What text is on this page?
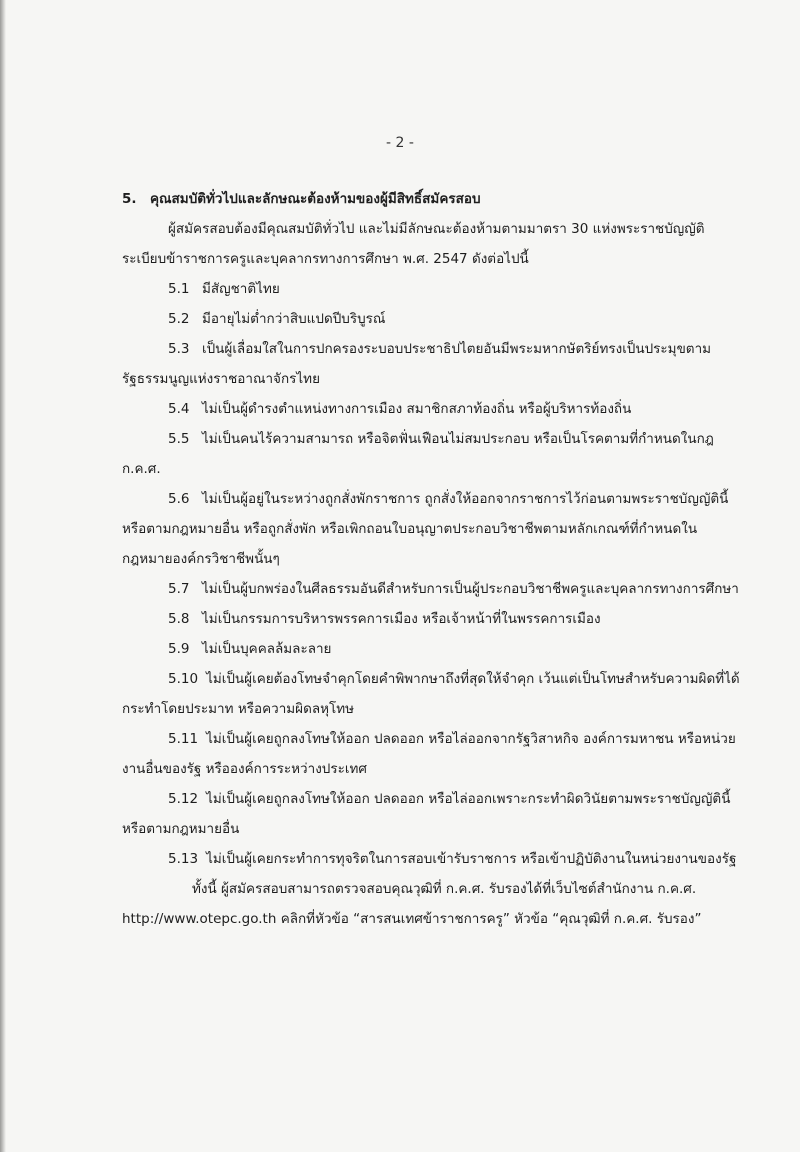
- 2 -

5. คุณสมบัติทั่วไปและลักษณะต้องห้ามของผู้มีสิทธิ์สมัครสอบ

ผู้สมัครสอบต้องมีคุณสมบัติทั่วไป และไม่มีลักษณะต้องห้ามตามมาตรา 30 แห่งพระราชบัญญัติระเบียบข้าราชการครูและบุคลากรทางการศึกษา พ.ศ. 2547 ดังต่อไปนี้

5.1 มีสัญชาติไทย

5.2 มีอายุไม่ต่ำกว่าสิบแปดปีบริบูรณ์

5.3 เป็นผู้เลื่อมใสในการปกครองระบอบประชาธิปไตยอันมีพระมหากษัตริย์ทรงเป็นประมุขตามรัฐธรรมนูญแห่งราชอาณาจักรไทย

5.4 ไม่เป็นผู้ดำรงตำแหน่งทางการเมือง สมาชิกสภาท้องถิ่น หรือผู้บริหารท้องถิ่น

5.5 ไม่เป็นคนไร้ความสามารถ หรือจิตฟั่นเฟือนไม่สมประกอบ หรือเป็นโรคตามที่กำหนดในกฎ ก.ค.ศ.

5.6 ไม่เป็นผู้อยู่ในระหว่างถูกสั่งพักราชการ ถูกสั่งให้ออกจากราชการไว้ก่อนตามพระราชบัญญัตินี้ หรือตามกฎหมายอื่น หรือถูกสั่งพัก หรือเพิกถอนใบอนุญาตประกอบวิชาชีพตามหลักเกณฑ์ที่กำหนดในกฎหมายองค์กรวิชาชีพนั้นๆ

5.7 ไม่เป็นผู้บกพร่องในศีลธรรมอันดีสำหรับการเป็นผู้ประกอบวิชาชีพครูและบุคลากรทางการศึกษา

5.8 ไม่เป็นกรรมการบริหารพรรคการเมือง หรือเจ้าหน้าที่ในพรรคการเมือง

5.9 ไม่เป็นบุคคลล้มละลาย

5.10 ไม่เป็นผู้เคยต้องโทษจำคุกโดยคำพิพากษาถึงที่สุดให้จำคุก เว้นแต่เป็นโทษสำหรับความผิดที่ได้กระทำโดยประมาท หรือความผิดลหุโทษ

5.11 ไม่เป็นผู้เคยถูกลงโทษให้ออก ปลดออก หรือไล่ออกจากรัฐวิสาหกิจ องค์การมหาชน หรือหน่วยงานอื่นของรัฐ หรือองค์การระหว่างประเทศ

5.12 ไม่เป็นผู้เคยถูกลงโทษให้ออก ปลดออก หรือไล่ออกเพราะกระทำผิดวินัยตามพระราชบัญญัตินี้ หรือตามกฎหมายอื่น

5.13 ไม่เป็นผู้เคยกระทำการทุจริตในการสอบเข้ารับราชการ หรือเข้าปฏิบัติงานในหน่วยงานของรัฐ

ทั้งนี้ ผู้สมัครสอบสามารถตรวจสอบคุณวุฒิที่ ก.ค.ศ. รับรองได้ที่เว็บไซต์สำนักงาน ก.ค.ศ. http://www.otepc.go.th คลิกที่หัวข้อ “สารสนเทศข้าราชการครู” หัวข้อ “คุณวุฒิที่ ก.ค.ศ. รับรอง”
